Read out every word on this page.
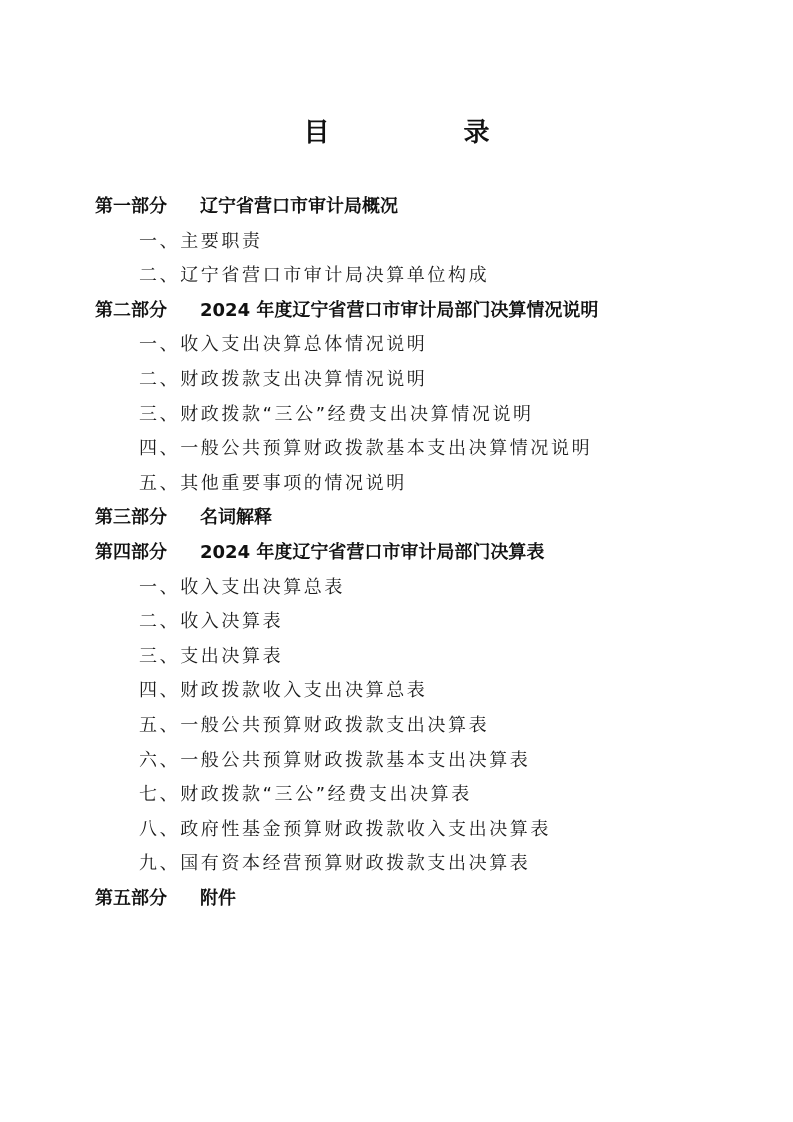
目　录
第一部分 辽宁省营口市审计局概况
一、主要职责
二、辽宁省营口市审计局决算单位构成
第二部分 2024 年度辽宁省营口市审计局部门决算情况说明
一、收入支出决算总体情况说明
二、财政拨款支出决算情况说明
三、财政拨款“三公”经费支出决算情况说明
四、一般公共预算财政拨款基本支出决算情况说明
五、其他重要事项的情况说明
第三部分 名词解释
第四部分 2024 年度辽宁省营口市审计局部门决算表
一、收入支出决算总表
二、收入决算表
三、支出决算表
四、财政拨款收入支出决算总表
五、一般公共预算财政拨款支出决算表
六、一般公共预算财政拨款基本支出决算表
七、财政拨款“三公”经费支出决算表
八、政府性基金预算财政拨款收入支出决算表
九、国有资本经营预算财政拨款支出决算表
第五部分 附件
